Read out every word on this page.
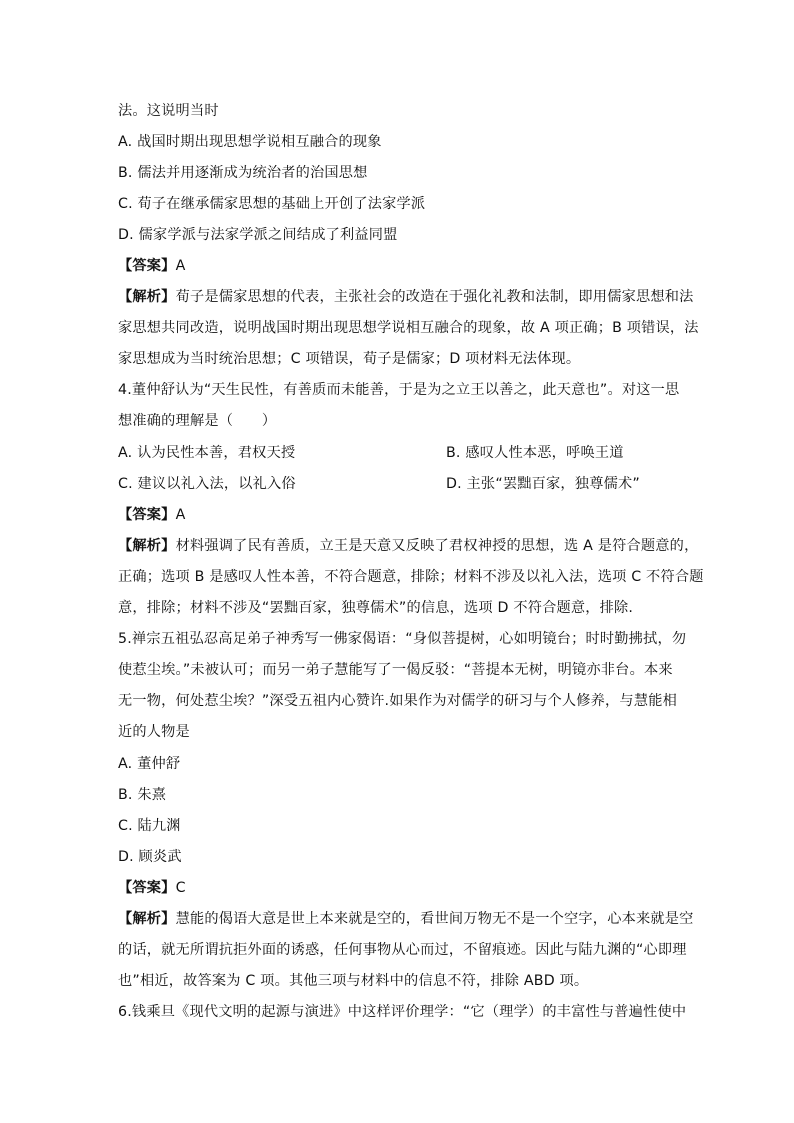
法。这说明当时
A. 战国时期出现思想学说相互融合的现象
B. 儒法并用逐渐成为统治者的治国思想
C. 荀子在继承儒家思想的基础上开创了法家学派
D. 儒家学派与法家学派之间结成了利益同盟
【答案】A
【解析】荀子是儒家思想的代表，主张社会的改造在于强化礼教和法制，即用儒家思想和法
家思想共同改造，说明战国时期出现思想学说相互融合的现象，故 A 项正确；B 项错误，法
家思想成为当时统治思想；C 项错误，荀子是儒家；D 项材料无法体现。
4.董仲舒认为“天生民性，有善质而未能善，于是为之立王以善之，此天意也”。对这一思
想准确的理解是（　　）
A. 认为民性本善，君权天授	B. 感叹人性本恶，呼唤王道
C. 建议以礼入法，以礼入俗	D. 主张“罢黜百家，独尊儒术”
【答案】A
【解析】材料强调了民有善质，立王是天意又反映了君权神授的思想，选 A 是符合题意的，
正确；选项 B 是感叹人性本善，不符合题意，排除；材料不涉及以礼入法，选项 C 不符合题
意，排除；材料不涉及“罢黜百家，独尊儒术”的信息，选项 D 不符合题意，排除.
5.禅宗五祖弘忍高足弟子神秀写一佛家偈语：“身似菩提树，心如明镜台；时时勤拂拭，勿
使惹尘埃。”未被认可；而另一弟子慧能写了一偈反驳：“菩提本无树，明镜亦非台。本来
无一物，何处惹尘埃？”深受五祖内心赞许.如果作为对儒学的研习与个人修养，与慧能相
近的人物是
A. 董仲舒
B. 朱熹
C. 陆九渊
D. 顾炎武
【答案】C
【解析】慧能的偈语大意是世上本来就是空的，看世间万物无不是一个空字，心本来就是空
的话，就无所谓抗拒外面的诱惑，任何事物从心而过，不留痕迹。因此与陆九渊的“心即理
也”相近，故答案为 C 项。其他三项与材料中的信息不符，排除 ABD 项。
6.钱乘旦《现代文明的起源与演进》中这样评价理学：“它（理学）的丰富性与普遍性使中
